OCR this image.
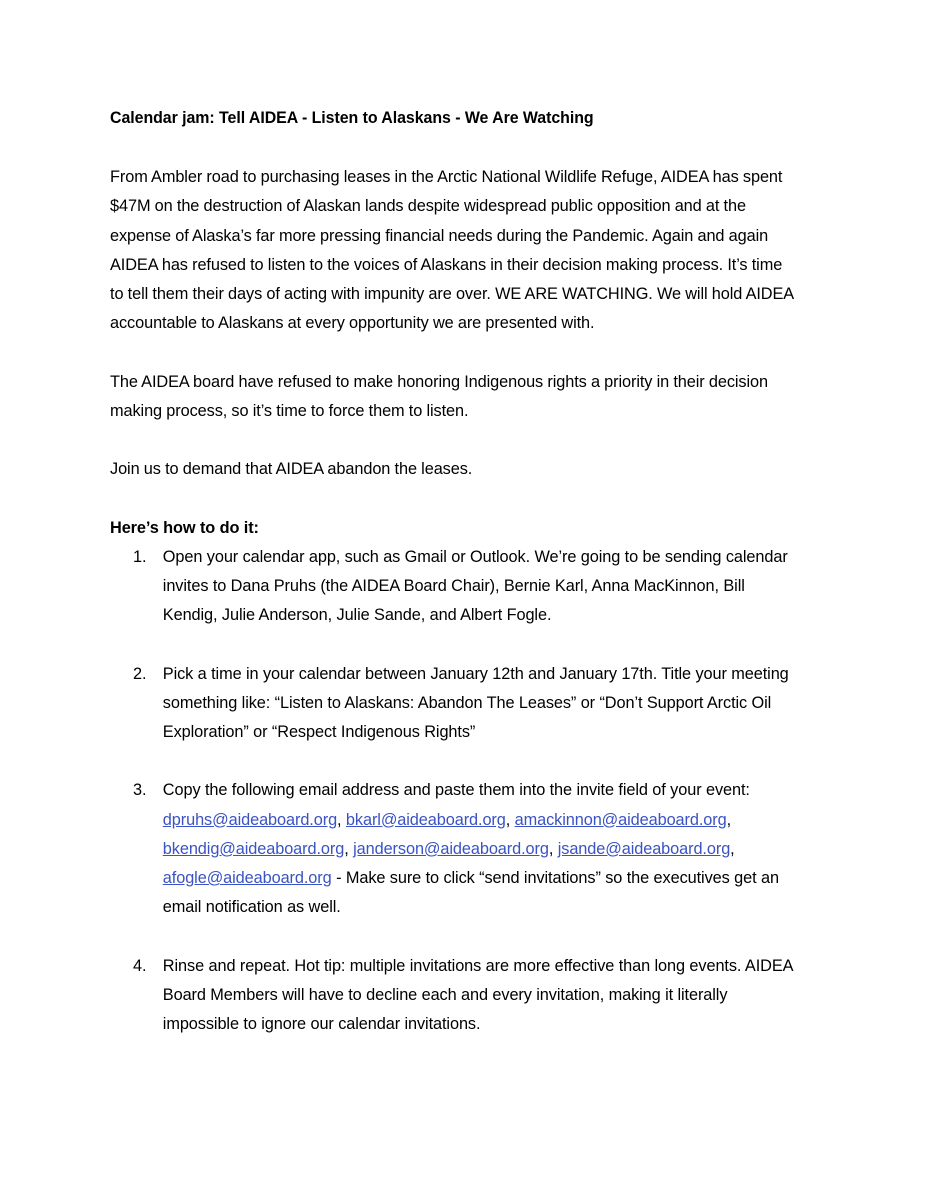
Calendar jam: Tell AIDEA - Listen to Alaskans - We Are Watching

From Ambler road to purchasing leases in the Arctic National Wildlife Refuge, AIDEA has spent $47M on the destruction of Alaskan lands despite widespread public opposition and at the expense of Alaska’s far more pressing financial needs during the Pandemic. Again and again AIDEA has refused to listen to the voices of Alaskans in their decision making process. It’s time to tell them their days of acting with impunity are over. WE ARE WATCHING. We will hold AIDEA accountable to Alaskans at every opportunity we are presented with.

The AIDEA board have refused to make honoring Indigenous rights a priority in their decision making process, so it’s time to force them to listen.

Join us to demand that AIDEA abandon the leases.

Here’s how to do it:

1. Open your calendar app, such as Gmail or Outlook. We’re going to be sending calendar invites to Dana Pruhs (the AIDEA Board Chair), Bernie Karl, Anna MacKinnon, Bill Kendig, Julie Anderson, Julie Sande, and Albert Fogle.
2. Pick a time in your calendar between January 12th and January 17th. Title your meeting something like: “Listen to Alaskans: Abandon The Leases” or “Don’t Support Arctic Oil Exploration” or “Respect Indigenous Rights”
3. Copy the following email address and paste them into the invite field of your event: dpruhs@aideaboard.org, bkarl@aideaboard.org, amackinnon@aideaboard.org, bkendig@aideaboard.org, janderson@aideaboard.org, jsande@aideaboard.org, afogle@aideaboard.org - Make sure to click “send invitations” so the executives get an email notification as well.
4. Rinse and repeat. Hot tip: multiple invitations are more effective than long events. AIDEA Board Members will have to decline each and every invitation, making it literally impossible to ignore our calendar invitations.
